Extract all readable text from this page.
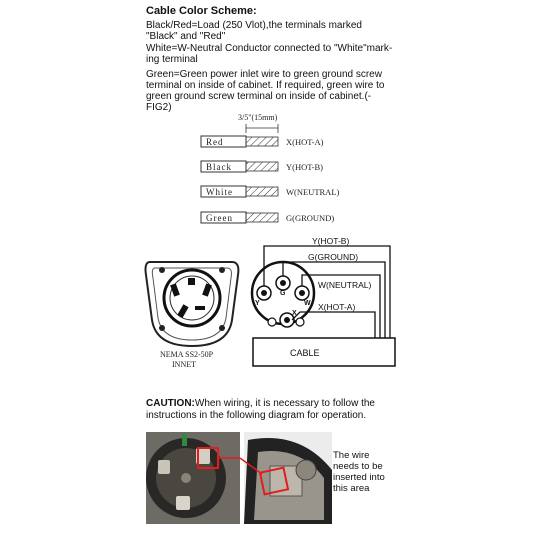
Cable Color Scheme:
Black/Red=Load (250 Vlot),the terminals marked
"Black" and "Red"
White=W-Neutral Conductor connected to "White"mark-
ing terminal
Green=Green power inlet wire to green ground screw
terminal on inside of cabinet. If required, green wire to
green ground screw terminal on inside of cabinet.(-
FIG2)
3/5"(15mm)
Red
Black
White
Green
X(HOT-A)
Y(HOT-B)
W(NEUTRAL)
G(GROUND)
NEMA SS2-50P
INNET
Y(HOT-B)
G(GROUND)
W(NEUTRAL)
X(HOT-A)
CABLE
Y
G
W
X
CAUTION:When wiring, it is necessary to follow the
instructions in the following diagram for operation.
The wire
needs to be
inserted into
this area
